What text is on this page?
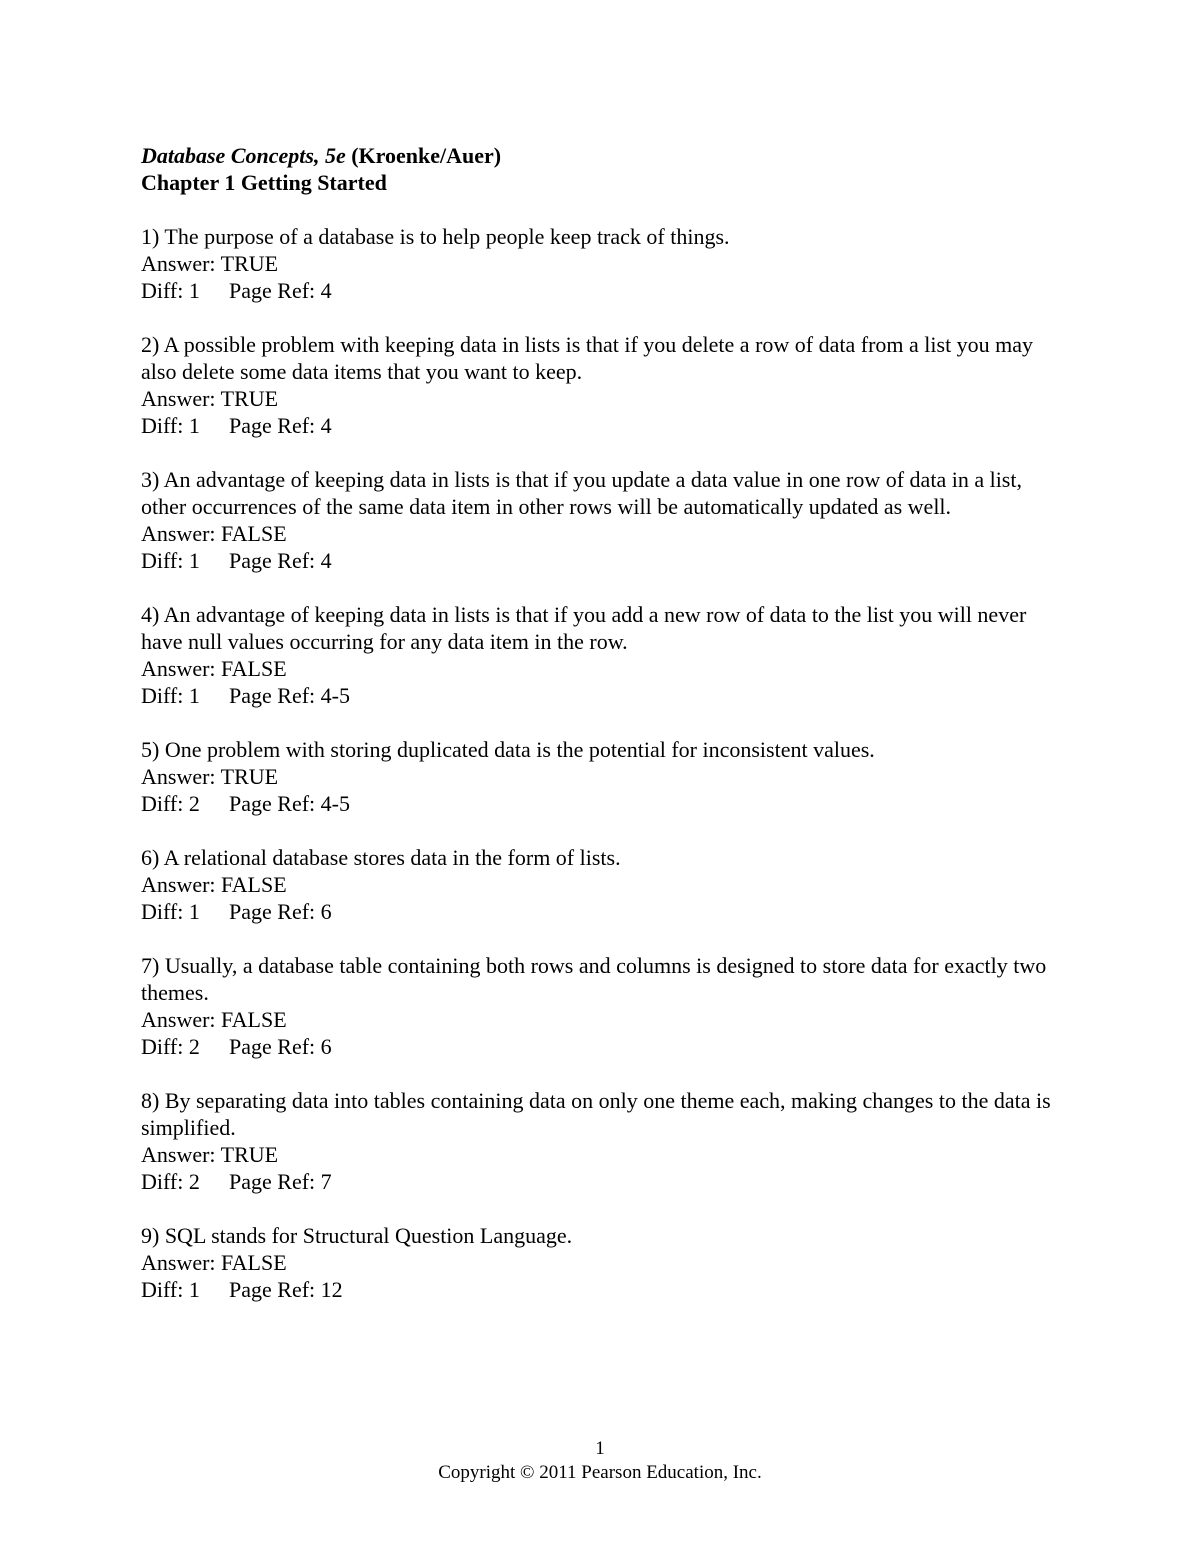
Database Concepts, 5e (Kroenke/Auer)

Chapter 1 Getting Started

1) The purpose of a database is to help people keep track of things.

Answer: TRUE

Diff: 1 Page Ref: 4

2) A possible problem with keeping data in lists is that if you delete a row of data from a list you may also delete some data items that you want to keep.

Answer: TRUE

Diff: 1 Page Ref: 4

3) An advantage of keeping data in lists is that if you update a data value in one row of data in a list, other occurrences of the same data item in other rows will be automatically updated as well.

Answer: FALSE

Diff: 1 Page Ref: 4

4) An advantage of keeping data in lists is that if you add a new row of data to the list you will never have null values occurring for any data item in the row.

Answer: FALSE

Diff: 1 Page Ref: 4-5

5) One problem with storing duplicated data is the potential for inconsistent values.

Answer: TRUE

Diff: 2 Page Ref: 4-5

6) A relational database stores data in the form of lists.

Answer: FALSE

Diff: 1 Page Ref: 6

7) Usually, a database table containing both rows and columns is designed to store data for exactly two themes.

Answer: FALSE

Diff: 2 Page Ref: 6

8) By separating data into tables containing data on only one theme each, making changes to the data is simplified.

Answer: TRUE

Diff: 2 Page Ref: 7

9) SQL stands for Structural Question Language.

Answer: FALSE

Diff: 1 Page Ref: 12

1
Copyright © 2011 Pearson Education, Inc.
